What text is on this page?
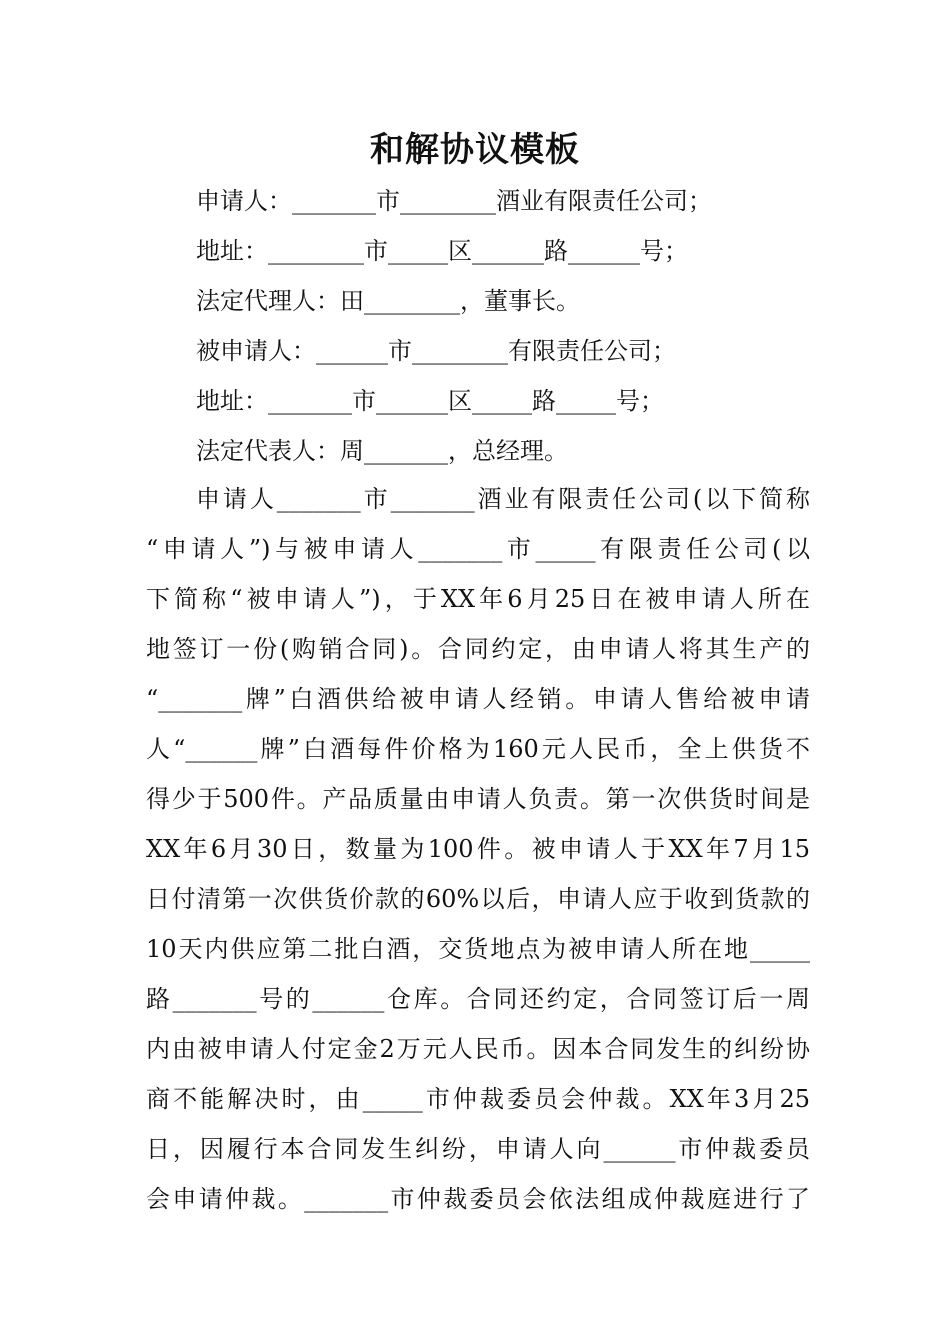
和解协议模板
申请人：_______市________酒业有限责任公司；
地址：________市_____区______路______号；
法定代理人：田________，董事长。
被申请人：______市________有限责任公司；
地址：_______市______区_____路_____号；
法定代表人：周_______，总经理。
申请人_______市_______酒业有限责任公司(以下简称
“申请人”)与被申请人_______市_____有限责任公司(以
下简称“被申请人”)，于XX年6月25日在被申请人所在
地签订一份(购销合同)。合同约定，由申请人将其生产的
“_______牌”白酒供给被申请人经销。申请人售给被申请
人“______牌”白酒每件价格为160元人民币，全上供货不
得少于500件。产品质量由申请人负责。第一次供货时间是
XX年6月30日，数量为100件。被申请人于XX年7月15
日付清第一次供货价款的60%以后，申请人应于收到货款的
10天内供应第二批白酒，交货地点为被申请人所在地_____
路_______号的______仓库。合同还约定，合同签订后一周
内由被申请人付定金2万元人民币。因本合同发生的纠纷协
商不能解决时，由_____市仲裁委员会仲裁。XX年3月25
日，因履行本合同发生纠纷，申请人向______市仲裁委员
会申请仲裁。_______市仲裁委员会依法组成仲裁庭进行了
